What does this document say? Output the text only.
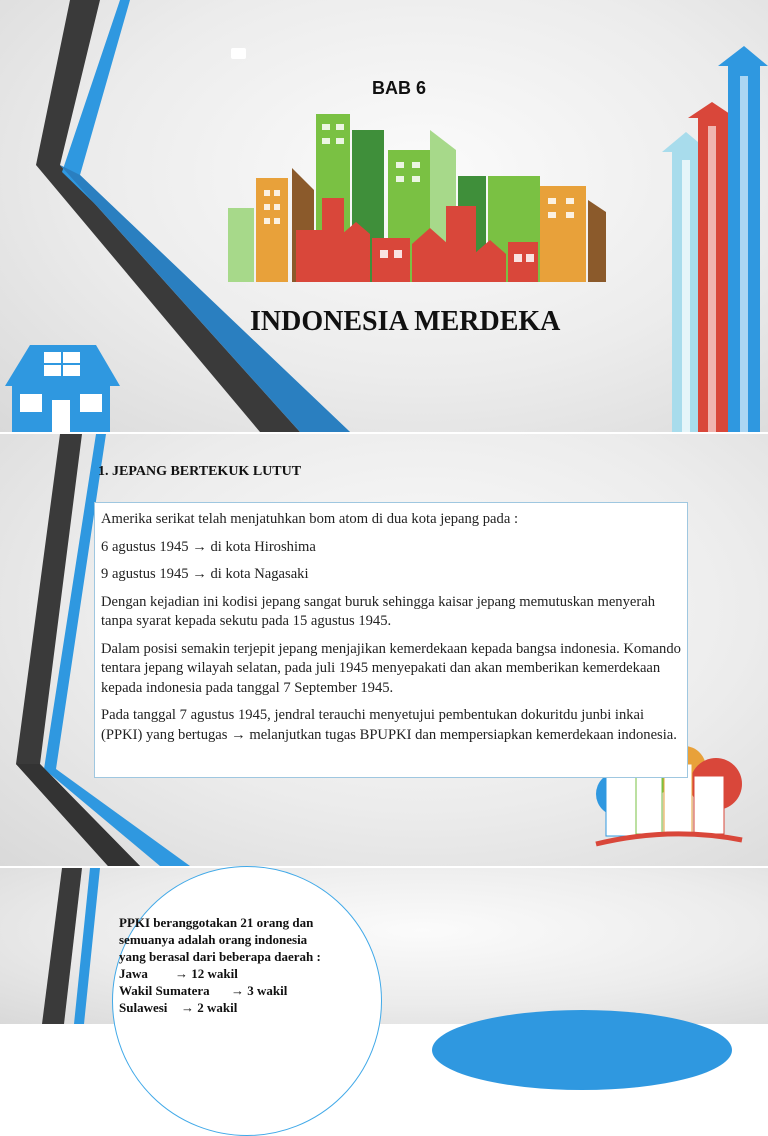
BAB 6
INDONESIA MERDEKA
1. JEPANG BERTEKUK LUTUT

Amerika serikat telah menjatuhkan bom atom di dua kota jepang pada :

6 agustus 1945 → di kota Hiroshima

9 agustus 1945 → di kota Nagasaki

Dengan kejadian ini kodisi jepang sangat buruk sehingga kaisar jepang memutuskan menyerah tanpa syarat kepada sekutu pada 15 agustus 1945.

Dalam posisi semakin terjepit jepang menjajikan kemerdekaan kepada bangsa indonesia. Komando tentara jepang wilayah selatan, pada juli 1945 menyepakati dan akan memberikan kemerdekaan kepada indonesia pada tanggal 7 September 1945.

Pada tanggal 7 agustus 1945, jendral terauchi menyetujui pembentukan dokuritdu junbi inkai (PPKI) yang bertugas → melanjutkan tugas BPUPKI dan mempersiapkan kemerdekaan indonesia.

PPKI beranggotakan 21 orang dan
semuanya adalah orang indonesia
yang berasal dari beberapa daerah :
Jawa → 12 wakil
Wakil Sumatera → 3 wakil
Sulawesi → 2 wakil
